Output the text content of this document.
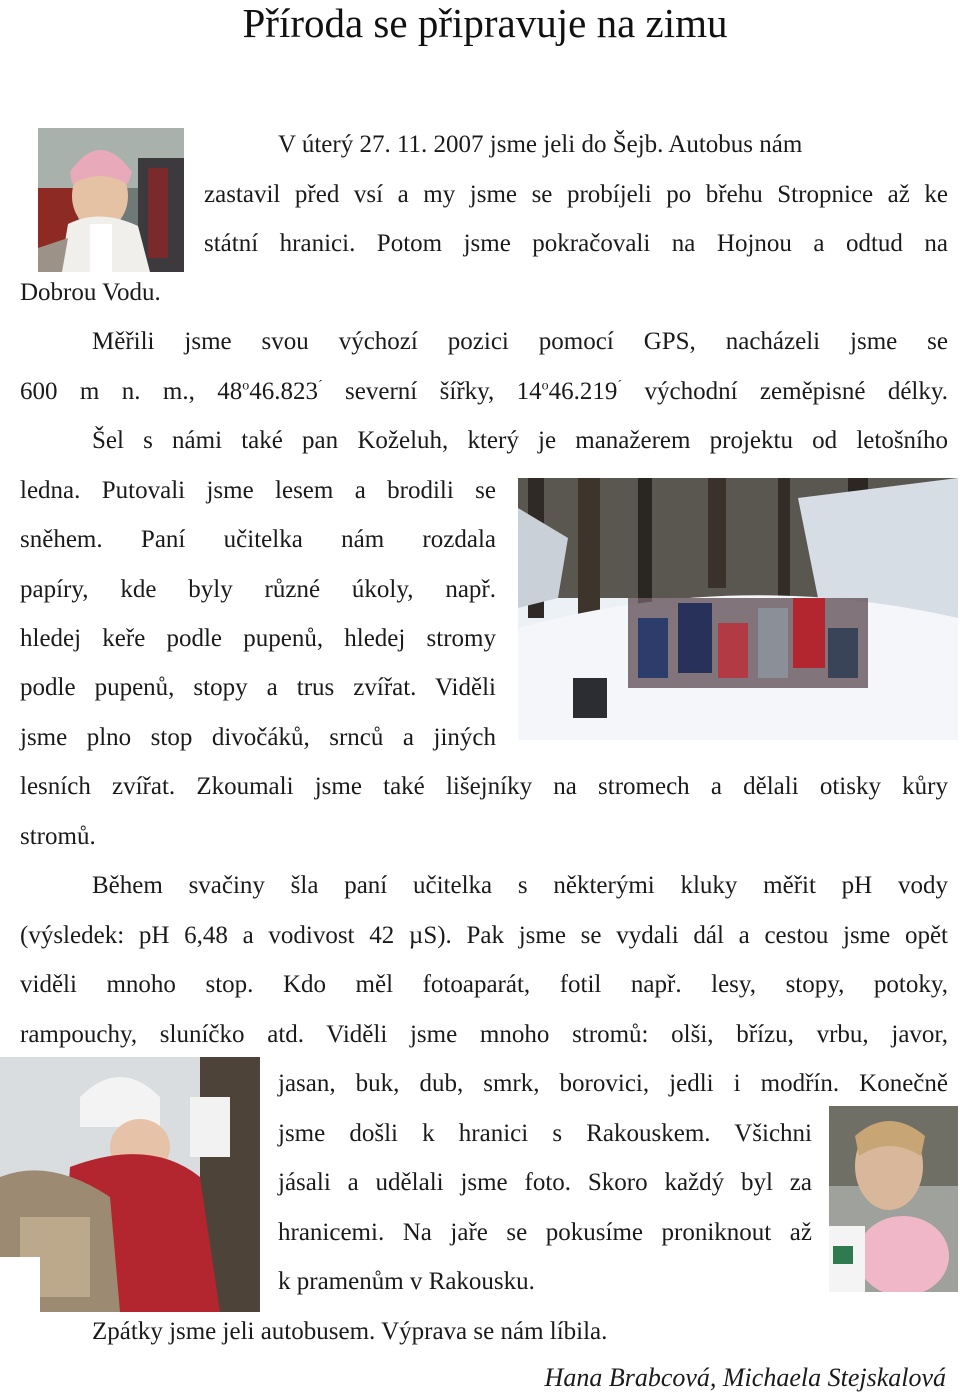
Příroda se připravuje na zimu
V úterý 27. 11. 2007 jsme jeli do Šejb. Autobus nám
zastavil před vsí a my jsme se probíjeli po břehu Stropnice až ke
státní hranici. Potom jsme pokračovali na Hojnou a odtud na
Dobrou Vodu.
Měřili jsme svou výchozí pozici pomocí GPS, nacházeli jsme se
600 m n. m., 48$^o$46.823´ severní šířky, 14$^o$46.219´ východní zeměpisné délky.
Šel s námi také pan Koželuh, který je manažerem projektu od letošního
ledna. Putovali jsme lesem a brodili se
sněhem. Paní učitelka nám rozdala
papíry, kde byly různé úkoly, např.
hledej keře podle pupenů, hledej stromy
podle pupenů, stopy a trus zvířat. Viděli
jsme plno stop divočáků, srnců a jiných
lesních zvířat. Zkoumali jsme také lišejníky na stromech a dělali otisky kůry
stromů.
Během svačiny šla paní učitelka s některými kluky měřit pH vody
(výsledek: pH 6,48 a vodivost 42 µS). Pak jsme se vydali dál a cestou jsme opět
viděli mnoho stop. Kdo měl fotoaparát, fotil např. lesy, stopy, potoky,
rampouchy, sluníčko atd. Viděli jsme mnoho stromů: olši, břízu, vrbu, javor,
jasan, buk, dub, smrk, borovici, jedli i modřín. Konečně
jsme došli k hranici s Rakouskem. Všichni
jásali a udělali jsme foto. Skoro každý byl za
hranicemi. Na jaře se pokusíme proniknout až
k pramenům v Rakousku.
Zpátky jsme jeli autobusem. Výprava se nám líbila.
Hana Brabcová, Michaela Stejskalová
